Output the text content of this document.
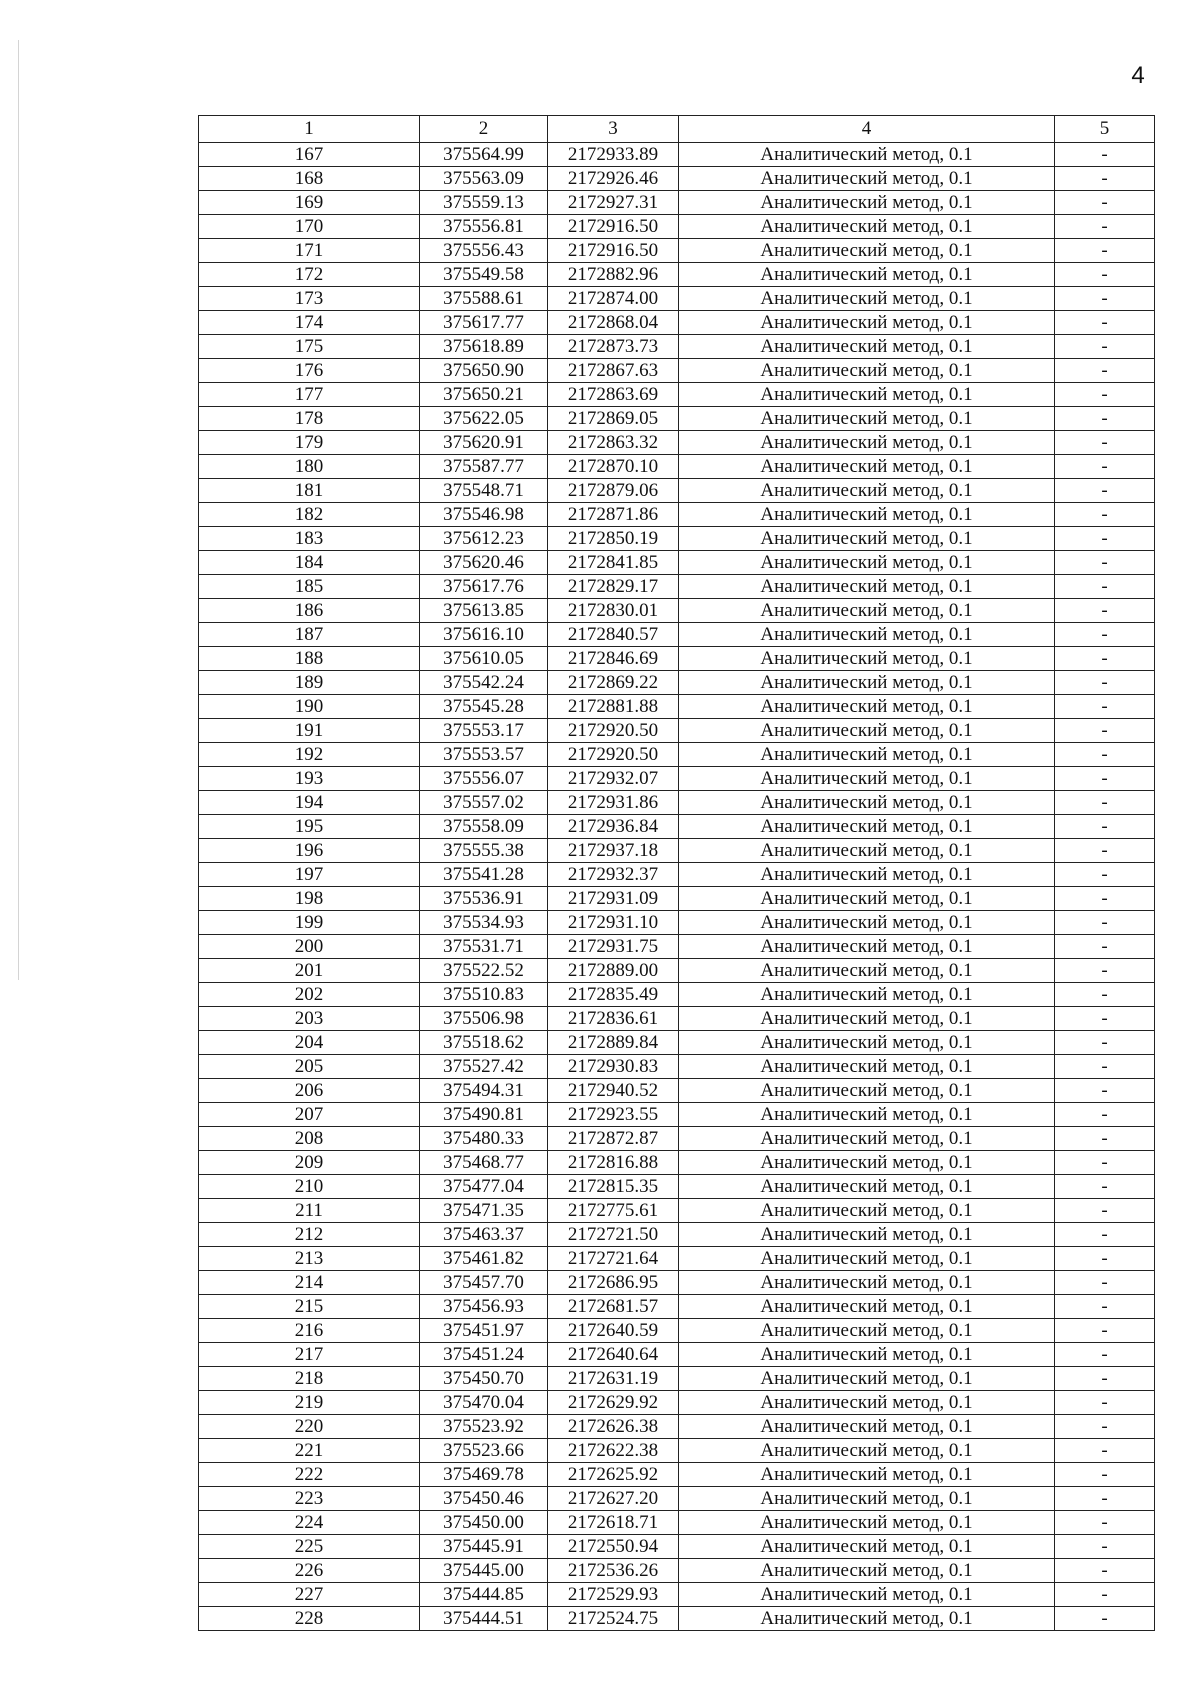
4
1	2	3	4	5
167	375564.99	2172933.89	Аналитический метод, 0.1	-
168	375563.09	2172926.46	Аналитический метод, 0.1	-
169	375559.13	2172927.31	Аналитический метод, 0.1	-
170	375556.81	2172916.50	Аналитический метод, 0.1	-
171	375556.43	2172916.50	Аналитический метод, 0.1	-
172	375549.58	2172882.96	Аналитический метод, 0.1	-
173	375588.61	2172874.00	Аналитический метод, 0.1	-
174	375617.77	2172868.04	Аналитический метод, 0.1	-
175	375618.89	2172873.73	Аналитический метод, 0.1	-
176	375650.90	2172867.63	Аналитический метод, 0.1	-
177	375650.21	2172863.69	Аналитический метод, 0.1	-
178	375622.05	2172869.05	Аналитический метод, 0.1	-
179	375620.91	2172863.32	Аналитический метод, 0.1	-
180	375587.77	2172870.10	Аналитический метод, 0.1	-
181	375548.71	2172879.06	Аналитический метод, 0.1	-
182	375546.98	2172871.86	Аналитический метод, 0.1	-
183	375612.23	2172850.19	Аналитический метод, 0.1	-
184	375620.46	2172841.85	Аналитический метод, 0.1	-
185	375617.76	2172829.17	Аналитический метод, 0.1	-
186	375613.85	2172830.01	Аналитический метод, 0.1	-
187	375616.10	2172840.57	Аналитический метод, 0.1	-
188	375610.05	2172846.69	Аналитический метод, 0.1	-
189	375542.24	2172869.22	Аналитический метод, 0.1	-
190	375545.28	2172881.88	Аналитический метод, 0.1	-
191	375553.17	2172920.50	Аналитический метод, 0.1	-
192	375553.57	2172920.50	Аналитический метод, 0.1	-
193	375556.07	2172932.07	Аналитический метод, 0.1	-
194	375557.02	2172931.86	Аналитический метод, 0.1	-
195	375558.09	2172936.84	Аналитический метод, 0.1	-
196	375555.38	2172937.18	Аналитический метод, 0.1	-
197	375541.28	2172932.37	Аналитический метод, 0.1	-
198	375536.91	2172931.09	Аналитический метод, 0.1	-
199	375534.93	2172931.10	Аналитический метод, 0.1	-
200	375531.71	2172931.75	Аналитический метод, 0.1	-
201	375522.52	2172889.00	Аналитический метод, 0.1	-
202	375510.83	2172835.49	Аналитический метод, 0.1	-
203	375506.98	2172836.61	Аналитический метод, 0.1	-
204	375518.62	2172889.84	Аналитический метод, 0.1	-
205	375527.42	2172930.83	Аналитический метод, 0.1	-
206	375494.31	2172940.52	Аналитический метод, 0.1	-
207	375490.81	2172923.55	Аналитический метод, 0.1	-
208	375480.33	2172872.87	Аналитический метод, 0.1	-
209	375468.77	2172816.88	Аналитический метод, 0.1	-
210	375477.04	2172815.35	Аналитический метод, 0.1	-
211	375471.35	2172775.61	Аналитический метод, 0.1	-
212	375463.37	2172721.50	Аналитический метод, 0.1	-
213	375461.82	2172721.64	Аналитический метод, 0.1	-
214	375457.70	2172686.95	Аналитический метод, 0.1	-
215	375456.93	2172681.57	Аналитический метод, 0.1	-
216	375451.97	2172640.59	Аналитический метод, 0.1	-
217	375451.24	2172640.64	Аналитический метод, 0.1	-
218	375450.70	2172631.19	Аналитический метод, 0.1	-
219	375470.04	2172629.92	Аналитический метод, 0.1	-
220	375523.92	2172626.38	Аналитический метод, 0.1	-
221	375523.66	2172622.38	Аналитический метод, 0.1	-
222	375469.78	2172625.92	Аналитический метод, 0.1	-
223	375450.46	2172627.20	Аналитический метод, 0.1	-
224	375450.00	2172618.71	Аналитический метод, 0.1	-
225	375445.91	2172550.94	Аналитический метод, 0.1	-
226	375445.00	2172536.26	Аналитический метод, 0.1	-
227	375444.85	2172529.93	Аналитический метод, 0.1	-
228	375444.51	2172524.75	Аналитический метод, 0.1	-
